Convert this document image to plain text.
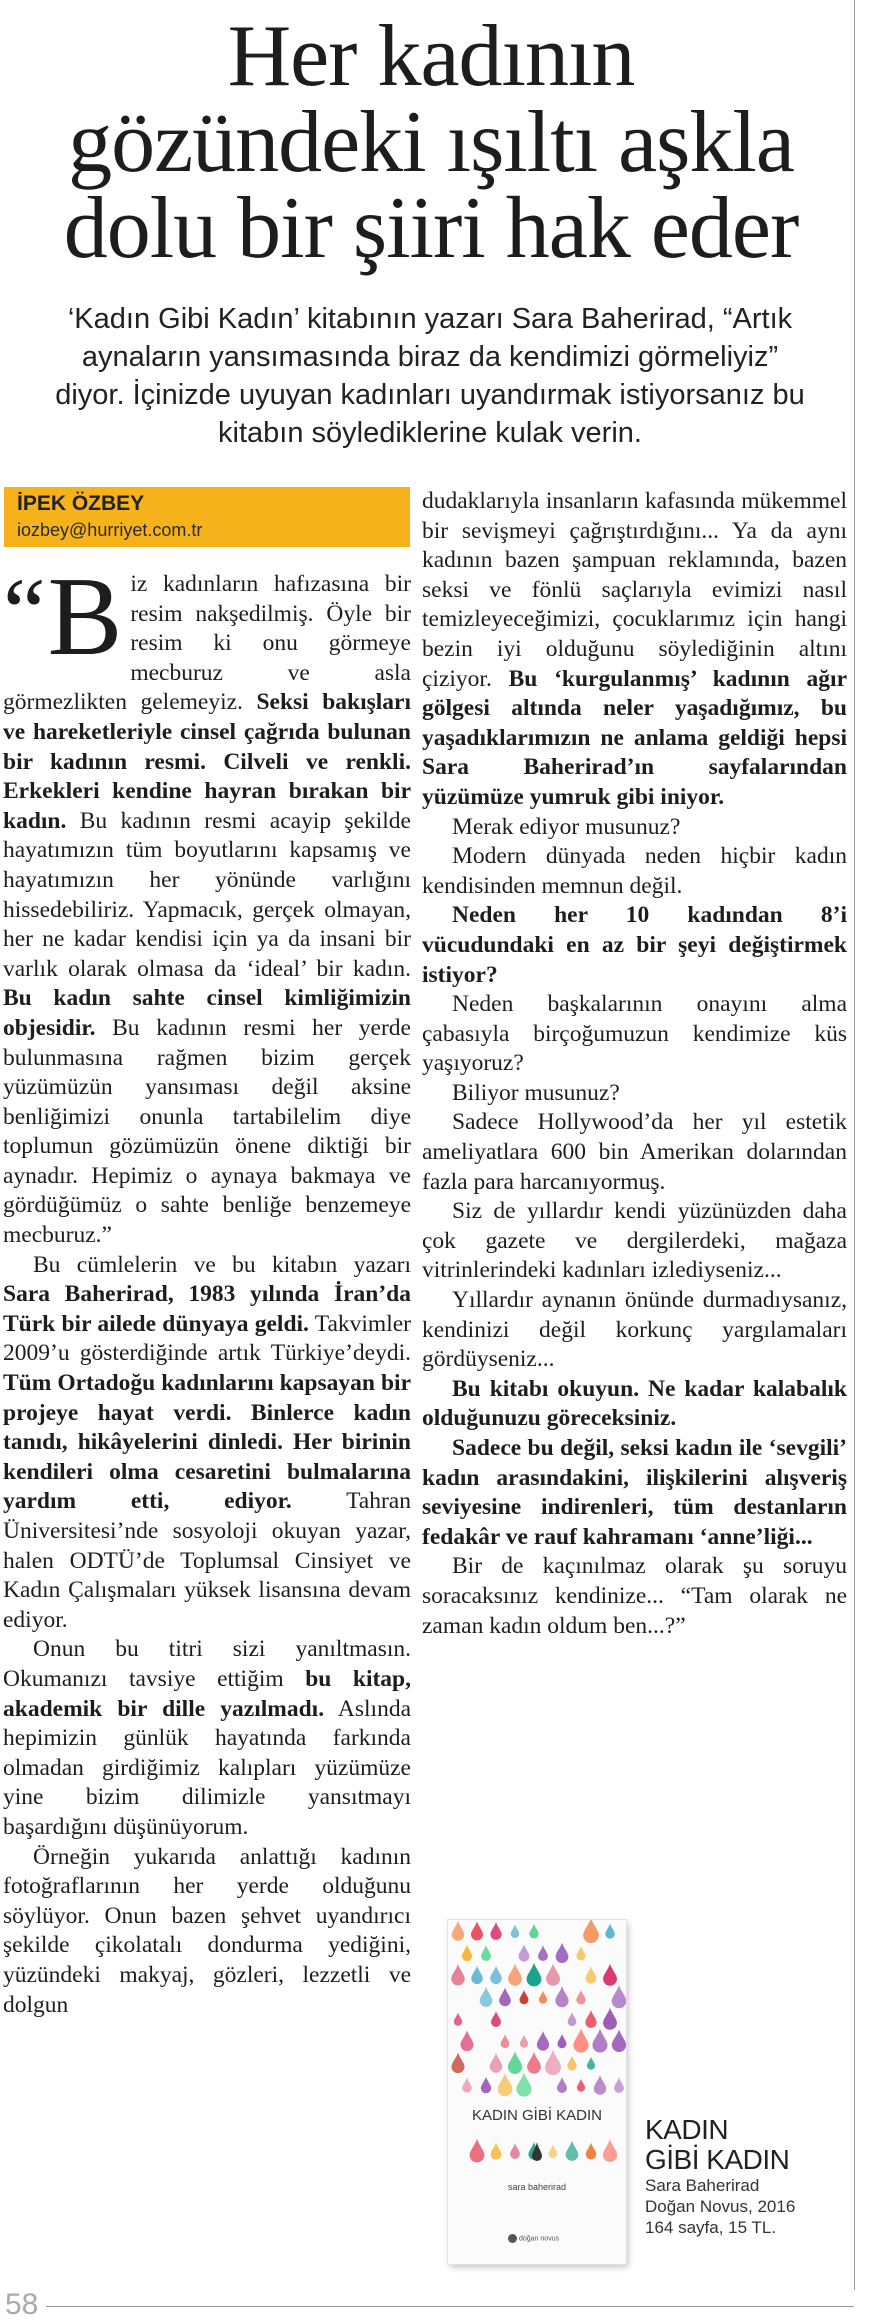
Her kadının
gözündeki ışıltı aşkla
dolu bir şiiri hak eder

‘Kadın Gibi Kadın’ kitabının yazarı Sara Baherirad, “Artık aynaların yansımasında biraz da kendimizi görmeliyiz” diyor. İçinizde uyuyan kadınları uyandırmak istiyorsanız bu kitabın söylediklerine kulak verin.

İPEK ÖZBEY
iozbey@hurriyet.com.tr
“ B iz kadınların hafızasına bir resim nakşedilmiş. Öyle bir resim ki onu görmeye mecburuz ve asla görmezlikten gelemeyiz. Seksi bakışları ve hareketleriyle cinsel çağrıda bulunan bir kadının resmi. Cilveli ve renkli. Erkekleri kendine hayran bırakan bir kadın. Bu kadının resmi acayip şekilde hayatımızın tüm boyutlarını kapsamış ve hayatımızın her yönünde varlığını hissedebiliriz. Yapmacık, gerçek olmayan, her ne kadar kendisi için ya da insani bir varlık olarak olmasa da ‘ideal’ bir kadın. Bu kadın sahte cinsel kimliğimizin objesidir. Bu kadının resmi her yerde bulunmasına rağmen bizim gerçek yüzümüzün yansıması değil aksine benliğimizi onunla tartabilelim diye toplumun gözümüzün önene diktiği bir aynadır. Hepimiz o aynaya bakmaya ve gördüğümüz o sahte benliğe benzemeye mecburuz.”

Bu cümlelerin ve bu kitabın yazarı Sara Baherirad, 1983 yılında İran’da Türk bir ailede dünyaya geldi. Takvimler 2009’u gösterdiğinde artık Türkiye’deydi. Tüm Ortadoğu kadınlarını kapsayan bir projeye hayat verdi. Binlerce kadın tanıdı, hikâyelerini dinledi. Her birinin kendileri olma cesaretini bulmalarına yardım etti, ediyor. Tahran Üniversitesi’nde sosyoloji okuyan yazar, halen ODTÜ’de Toplumsal Cinsiyet ve Kadın Çalışmaları yüksek lisansına devam ediyor.

Onun bu titri sizi yanıltmasın. Okumanızı tavsiye ettiğim bu kitap, akademik bir dille yazılmadı. Aslında hepimizin günlük hayatında farkında olmadan girdiğimiz kalıpları yüzümüze yine bizim dilimizle yansıtmayı başardığını düşünüyorum.

Örneğin yukarıda anlattığı kadının fotoğraflarının her yerde olduğunu söylüyor. Onun bazen şehvet uyandırıcı şekilde çikolatalı dondurma yediğini, yüzündeki makyaj, gözleri, lezzetli ve dolgun

dudaklarıyla insanların kafasında mükemmel bir sevişmeyi çağrıştırdığını... Ya da aynı kadının bazen şampuan reklamında, bazen seksi ve fönlü saçlarıyla evimizi nasıl temizleyeceğimizi, çocuklarımız için hangi bezin iyi olduğunu söylediğinin altını çiziyor. Bu ‘kurgulanmış’ kadının ağır gölgesi altında neler yaşadığımız, bu yaşadıklarımızın ne anlama geldiği hepsi Sara Baherirad’ın sayfalarından yüzümüze yumruk gibi iniyor.

Merak ediyor musunuz?

Modern dünyada neden hiçbir kadın kendisinden memnun değil.

Neden her 10 kadından 8’i vücudundaki en az bir şeyi değiştirmek istiyor?

Neden başkalarının onayını alma çabasıyla birçoğumuzun kendimize küs yaşıyoruz?

Biliyor musunuz?

Sadece Hollywood’da her yıl estetik ameliyatlara 600 bin Amerikan dolarından fazla para harcanıyormuş.

Siz de yıllardır kendi yüzünüzden daha çok gazete ve dergilerdeki, mağaza vitrinlerindeki kadınları izlediyseniz...

Yıllardır aynanın önünde durmadıysanız, kendinizi değil korkunç yargılamaları gördüyseniz...

Bu kitabı okuyun. Ne kadar kalabalık olduğunuzu göreceksiniz.

Sadece bu değil, seksi kadın ile ‘sevgili’ kadın arasındakini, ilişkilerini alışveriş seviyesine indirenleri, tüm destanların fedakâr ve rauf kahramanı ‘anne’liği...

Bir de kaçınılmaz olarak şu soruyu soracaksınız kendinize... “Tam olarak ne zaman kadın oldum ben...?”

KADIN GİBİ KADIN
sara baherirad
doğan novus
KADIN
GİBİ KADIN
Sara Baherirad
Doğan Novus, 2016
164 sayfa, 15 TL.
58
